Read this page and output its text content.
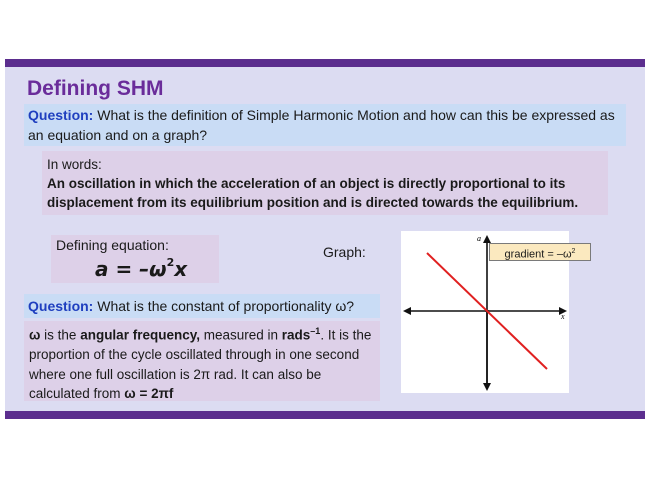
Defining SHM
Question: What is the definition of Simple Harmonic Motion and how can this be expressed as an equation and on a graph?
In words:
An oscillation in which the acceleration of an object is directly proportional to its displacement from its equilibrium position and is directed towards the equilibrium.
Defining equation:
$a = -\omega^2x$
Graph:
a
x
gradient = $-\omega^2$
Question: What is the constant of proportionality ω?
ω is the angular frequency, measured in rads$^{-1}$. It is the proportion of the cycle oscillated through in one second where one full oscillation is 2π rad. It can also be calculated from ω = 2πf
